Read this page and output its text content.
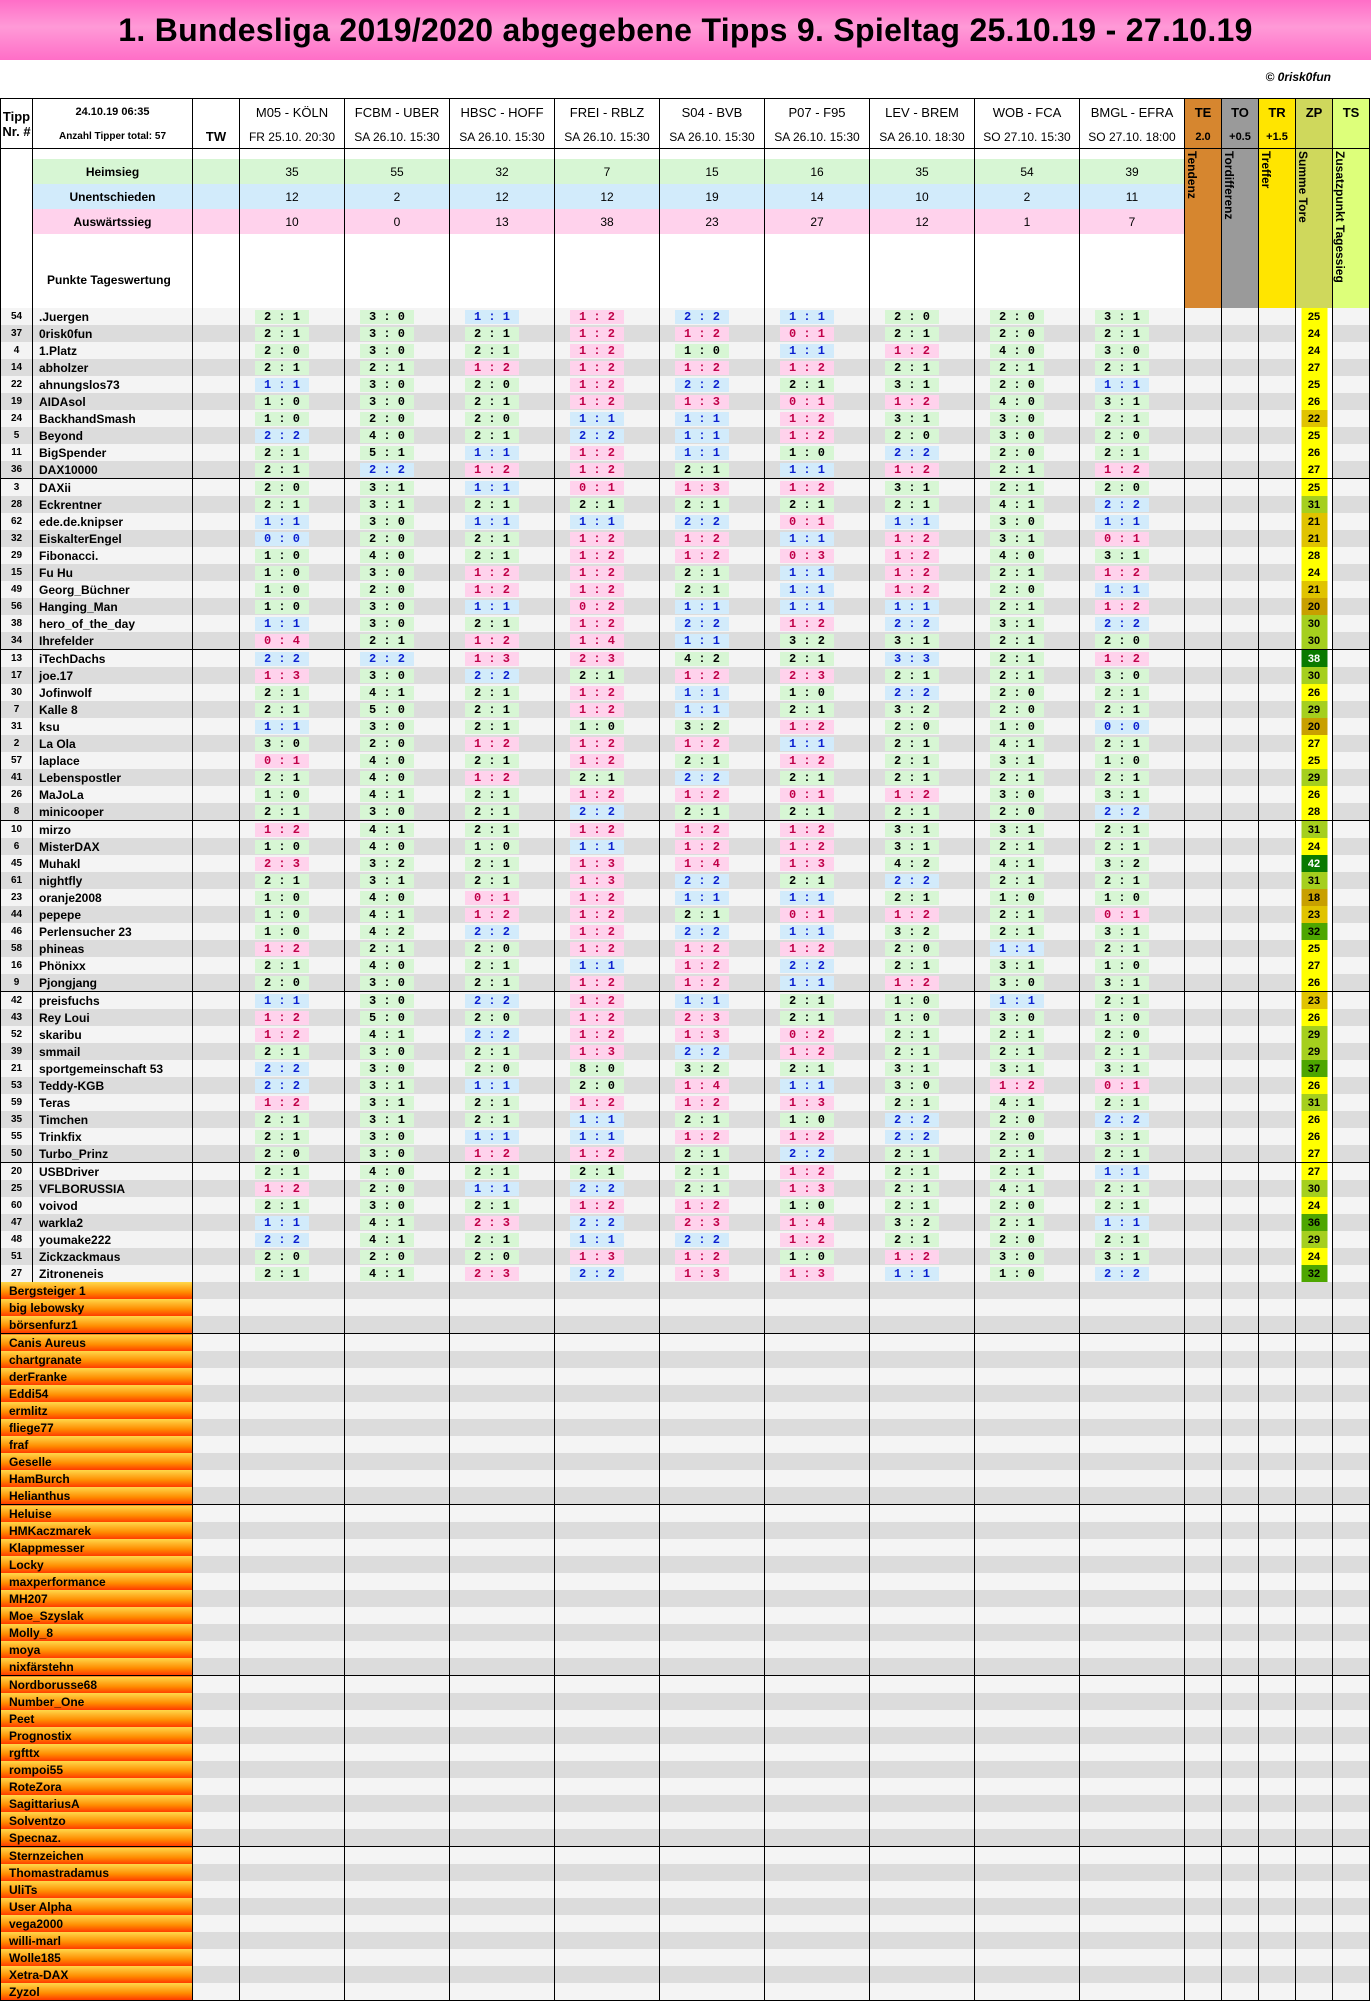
1. Bundesliga 2019/2020 abgegebene Tipps 9. Spieltag 25.10.19 - 27.10.19
© 0risk0fun
Tipp Nr. #	24.10.19 06:35	TW	M05 - KÖLN	FCBM - UBER	HBSC - HOFF	FREI - RBLZ	S04 - BVB	P07 - F95	LEV - BREM	WOB - FCA	BMGL - EFRA	TE	TO	TR	ZP	TS
	Anzahl Tipper total: 57		FR 25.10. 20:30	SA 26.10. 15:30	SA 26.10. 15:30	SA 26.10. 15:30	SA 26.10. 15:30	SA 26.10. 15:30	SA 26.10. 18:30	SO 27.10. 15:30	SO 27.10. 18:00	2.0	+0.5	+1.5		

												Tendenz	Tordifferenz	Treffer	Summe Tore	Zusatzpunkt Tagessieg

	Heimsieg		35	55	32	7	15	16	35	54	39					
	Unentschieden		12	2	12	12	19	14	10	2	11					
	Auswärtssieg		10	0	13	38	23	27	12	1	7					

	Punkte Tageswertung															
54	.Juergen		2 : 1	3 : 0	1 : 1	1 : 2	2 : 2	1 : 1	2 : 0	2 : 0	3 : 1				25	
37	0risk0fun		2 : 1	3 : 0	2 : 1	1 : 2	1 : 2	0 : 1	2 : 1	2 : 0	2 : 1				24	
4	1.Platz		2 : 0	3 : 0	2 : 1	1 : 2	1 : 0	1 : 1	1 : 2	4 : 0	3 : 0				24	
14	abholzer		2 : 1	2 : 1	1 : 2	1 : 2	1 : 2	1 : 2	2 : 1	2 : 1	2 : 1				27	
22	ahnungslos73		1 : 1	3 : 0	2 : 0	1 : 2	2 : 2	2 : 1	3 : 1	2 : 0	1 : 1				25	
19	AIDAsol		1 : 0	3 : 0	2 : 1	1 : 2	1 : 3	0 : 1	1 : 2	4 : 0	3 : 1				26	
24	BackhandSmash		1 : 0	2 : 0	2 : 0	1 : 1	1 : 1	1 : 2	3 : 1	3 : 0	2 : 1				22	
5	Beyond		2 : 2	4 : 0	2 : 1	2 : 2	1 : 1	1 : 2	2 : 0	3 : 0	2 : 0				25	
11	BigSpender		2 : 1	5 : 1	1 : 1	1 : 2	1 : 1	1 : 0	2 : 2	2 : 0	2 : 1				26	
36	DAX10000		2 : 1	2 : 2	1 : 2	1 : 2	2 : 1	1 : 1	1 : 2	2 : 1	1 : 2				27	
3	DAXii		2 : 0	3 : 1	1 : 1	0 : 1	1 : 3	1 : 2	3 : 1	2 : 1	2 : 0				25	
28	Eckrentner		2 : 1	3 : 1	2 : 1	2 : 1	2 : 1	2 : 1	2 : 1	4 : 1	2 : 2				31	
62	ede.de.knipser		1 : 1	3 : 0	1 : 1	1 : 1	2 : 2	0 : 1	1 : 1	3 : 0	1 : 1				21	
32	EiskalterEngel		0 : 0	2 : 0	2 : 1	1 : 2	1 : 2	1 : 1	1 : 2	3 : 1	0 : 1				21	
29	Fibonacci.		1 : 0	4 : 0	2 : 1	1 : 2	1 : 2	0 : 3	1 : 2	4 : 0	3 : 1				28	
15	Fu Hu		1 : 0	3 : 0	1 : 2	1 : 2	2 : 1	1 : 1	1 : 2	2 : 1	1 : 2				24	
49	Georg_Büchner		1 : 0	2 : 0	1 : 2	1 : 2	2 : 1	1 : 1	1 : 2	2 : 0	1 : 1				21	
56	Hanging_Man		1 : 0	3 : 0	1 : 1	0 : 2	1 : 1	1 : 1	1 : 1	2 : 1	1 : 2				20	
38	hero_of_the_day		1 : 1	3 : 0	2 : 1	1 : 2	2 : 2	1 : 2	2 : 2	3 : 1	2 : 2				30	
34	Ihrefelder		0 : 4	2 : 1	1 : 2	1 : 4	1 : 1	3 : 2	3 : 1	2 : 1	2 : 0				30	
13	iTechDachs		2 : 2	2 : 2	1 : 3	2 : 3	4 : 2	2 : 1	3 : 3	2 : 1	1 : 2				38	
17	joe.17		1 : 3	3 : 0	2 : 2	2 : 1	1 : 2	2 : 3	2 : 1	2 : 1	3 : 0				30	
30	Jofinwolf		2 : 1	4 : 1	2 : 1	1 : 2	1 : 1	1 : 0	2 : 2	2 : 0	2 : 1				26	
7	Kalle 8		2 : 1	5 : 0	2 : 1	1 : 2	1 : 1	2 : 1	3 : 2	2 : 0	2 : 1				29	
31	ksu		1 : 1	3 : 0	2 : 1	1 : 0	3 : 2	1 : 2	2 : 0	1 : 0	0 : 0				20	
2	La Ola		3 : 0	2 : 0	1 : 2	1 : 2	1 : 2	1 : 1	2 : 1	4 : 1	2 : 1				27	
57	laplace		0 : 1	4 : 0	2 : 1	1 : 2	2 : 1	1 : 2	2 : 1	3 : 1	1 : 0				25	
41	Lebenspostler		2 : 1	4 : 0	1 : 2	2 : 1	2 : 2	2 : 1	2 : 1	2 : 1	2 : 1				29	
26	MaJoLa		1 : 0	4 : 1	2 : 1	1 : 2	1 : 2	0 : 1	1 : 2	3 : 0	3 : 1				26	
8	minicooper		2 : 1	3 : 0	2 : 1	2 : 2	2 : 1	2 : 1	2 : 1	2 : 0	2 : 2				28	
10	mirzo		1 : 2	4 : 1	2 : 1	1 : 2	1 : 2	1 : 2	3 : 1	3 : 1	2 : 1				31	
6	MisterDAX		1 : 0	4 : 0	1 : 0	1 : 1	1 : 2	1 : 2	3 : 1	2 : 1	2 : 1				24	
45	Muhakl		2 : 3	3 : 2	2 : 1	1 : 3	1 : 4	1 : 3	4 : 2	4 : 1	3 : 2				42	
61	nightfly		2 : 1	3 : 1	2 : 1	1 : 3	2 : 2	2 : 1	2 : 2	2 : 1	2 : 1				31	
23	oranje2008		1 : 0	4 : 0	0 : 1	1 : 2	1 : 1	1 : 1	2 : 1	1 : 0	1 : 0				18	
44	pepepe		1 : 0	4 : 1	1 : 2	1 : 2	2 : 1	0 : 1	1 : 2	2 : 1	0 : 1				23	
46	Perlensucher 23		1 : 0	4 : 2	2 : 2	1 : 2	2 : 2	1 : 1	3 : 2	2 : 1	3 : 1				32	
58	phineas		1 : 2	2 : 1	2 : 0	1 : 2	1 : 2	1 : 2	2 : 0	1 : 1	2 : 1				25	
16	Phönixx		2 : 1	4 : 0	2 : 1	1 : 1	1 : 2	2 : 2	2 : 1	3 : 1	1 : 0				27	
9	Pjongjang		2 : 0	3 : 0	2 : 1	1 : 2	1 : 2	1 : 1	1 : 2	3 : 0	3 : 1				26	
42	preisfuchs		1 : 1	3 : 0	2 : 2	1 : 2	1 : 1	2 : 1	1 : 0	1 : 1	2 : 1				23	
43	Rey Loui		1 : 2	5 : 0	2 : 0	1 : 2	2 : 3	2 : 1	1 : 0	3 : 0	1 : 0				26	
52	skaribu		1 : 2	4 : 1	2 : 2	1 : 2	1 : 3	0 : 2	2 : 1	2 : 1	2 : 0				29	
39	smmail		2 : 1	3 : 0	2 : 1	1 : 3	2 : 2	1 : 2	2 : 1	2 : 1	2 : 1				29	
21	sportgemeinschaft 53		2 : 2	3 : 0	2 : 0	8 : 0	3 : 2	2 : 1	3 : 1	3 : 1	3 : 1				37	
53	Teddy-KGB		2 : 2	3 : 1	1 : 1	2 : 0	1 : 4	1 : 1	3 : 0	1 : 2	0 : 1				26	
59	Teras		1 : 2	3 : 1	2 : 1	1 : 2	1 : 2	1 : 3	2 : 1	4 : 1	2 : 1				31	
35	Timchen		2 : 1	3 : 1	2 : 1	1 : 1	2 : 1	1 : 0	2 : 2	2 : 0	2 : 2				26	
55	Trinkfix		2 : 1	3 : 0	1 : 1	1 : 1	1 : 2	1 : 2	2 : 2	2 : 0	3 : 1				26	
50	Turbo_Prinz		2 : 0	3 : 0	1 : 2	1 : 2	2 : 1	2 : 2	2 : 1	2 : 1	2 : 1				27	
20	USBDriver		2 : 1	4 : 0	2 : 1	2 : 1	2 : 1	1 : 2	2 : 1	2 : 1	1 : 1				27	
25	VFLBORUSSIA		1 : 2	2 : 0	1 : 1	2 : 2	2 : 1	1 : 3	2 : 1	4 : 1	2 : 1				30	
60	voivod		2 : 1	3 : 0	2 : 1	1 : 2	1 : 2	1 : 0	2 : 1	2 : 0	2 : 1				24	
47	warkla2		1 : 1	4 : 1	2 : 3	2 : 2	2 : 3	1 : 4	3 : 2	2 : 1	1 : 1				36	
48	youmake222		2 : 2	4 : 1	2 : 1	1 : 1	2 : 2	1 : 2	2 : 1	2 : 0	2 : 1				29	
51	Zickzackmaus		2 : 0	2 : 0	2 : 0	1 : 3	1 : 2	1 : 0	1 : 2	3 : 0	3 : 1				24	
27	Zitroneneis		2 : 1	4 : 1	2 : 3	2 : 2	1 : 3	1 : 3	1 : 1	1 : 0	2 : 2				32	
Bergsteiger 1																
big lebowsky																
börsenfurz1																
Canis Aureus																
chartgranate																
derFranke																
Eddi54																
ermlitz																
fliege77																
fraf																
Geselle																
HamBurch																
Helianthus																
Heluise																
HMKaczmarek																
Klappmesser																
Locky																
maxperformance																
MH207																
Moe_Szyslak																
Molly_8																
moya																
nixfärstehn																
Nordborusse68																
Number_One																
Peet																
Prognostix																
rgfttx																
rompoi55																
RoteZora																
SagittariusA																
Solventzo																
Specnaz.																
Sternzeichen																
Thomastradamus																
UliTs																
User Alpha																
vega2000																
willi-marl																
Wolle185																
Xetra-DAX																
Zyzol																
